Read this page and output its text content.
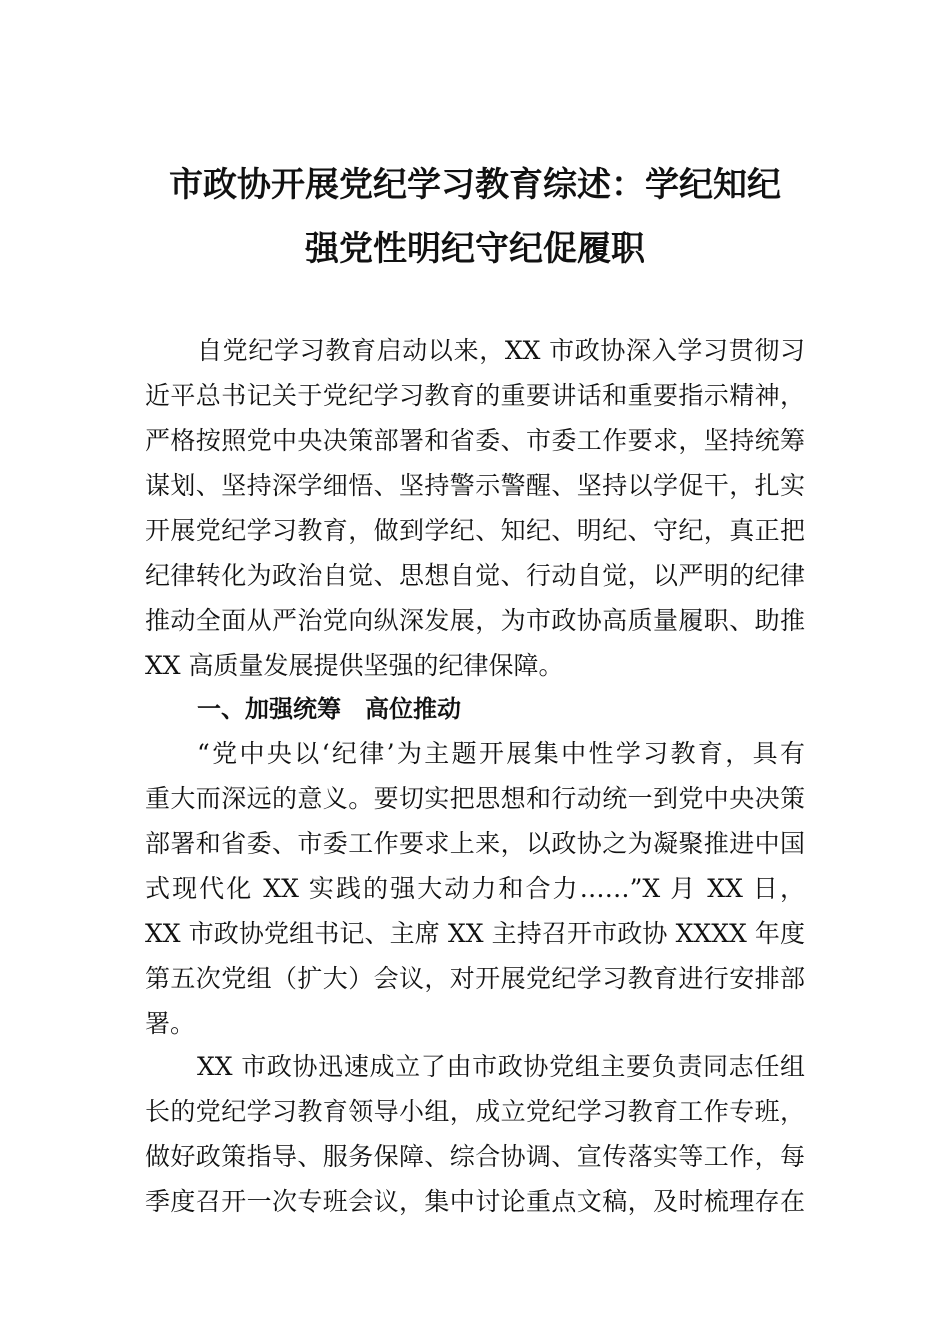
市政协开展党纪学习教育综述：学纪知纪
强党性明纪守纪促履职
自党纪学习教育启动以来，XX 市政协深入学习贯彻习
近平总书记关于党纪学习教育的重要讲话和重要指示精神，
严格按照党中央决策部署和省委、市委工作要求，坚持统筹
谋划、坚持深学细悟、坚持警示警醒、坚持以学促干，扎实
开展党纪学习教育，做到学纪、知纪、明纪、守纪，真正把
纪律转化为政治自觉、思想自觉、行动自觉，以严明的纪律
推动全面从严治党向纵深发展，为市政协高质量履职、助推
XX 高质量发展提供坚强的纪律保障。
一、加强统筹　高位推动
“党中央以‘纪律’为主题开展集中性学习教育，具有
重大而深远的意义。要切实把思想和行动统一到党中央决策
部署和省委、市委工作要求上来，以政协之为凝聚推进中国
式现代化 XX 实践的强大动力和合力……”X 月 XX 日，
XX 市政协党组书记、主席 XX 主持召开市政协 XXXX 年度
第五次党组（扩大）会议，对开展党纪学习教育进行安排部
署。
XX 市政协迅速成立了由市政协党组主要负责同志任组
长的党纪学习教育领导小组，成立党纪学习教育工作专班，
做好政策指导、服务保障、综合协调、宣传落实等工作，每
季度召开一次专班会议，集中讨论重点文稿，及时梳理存在
